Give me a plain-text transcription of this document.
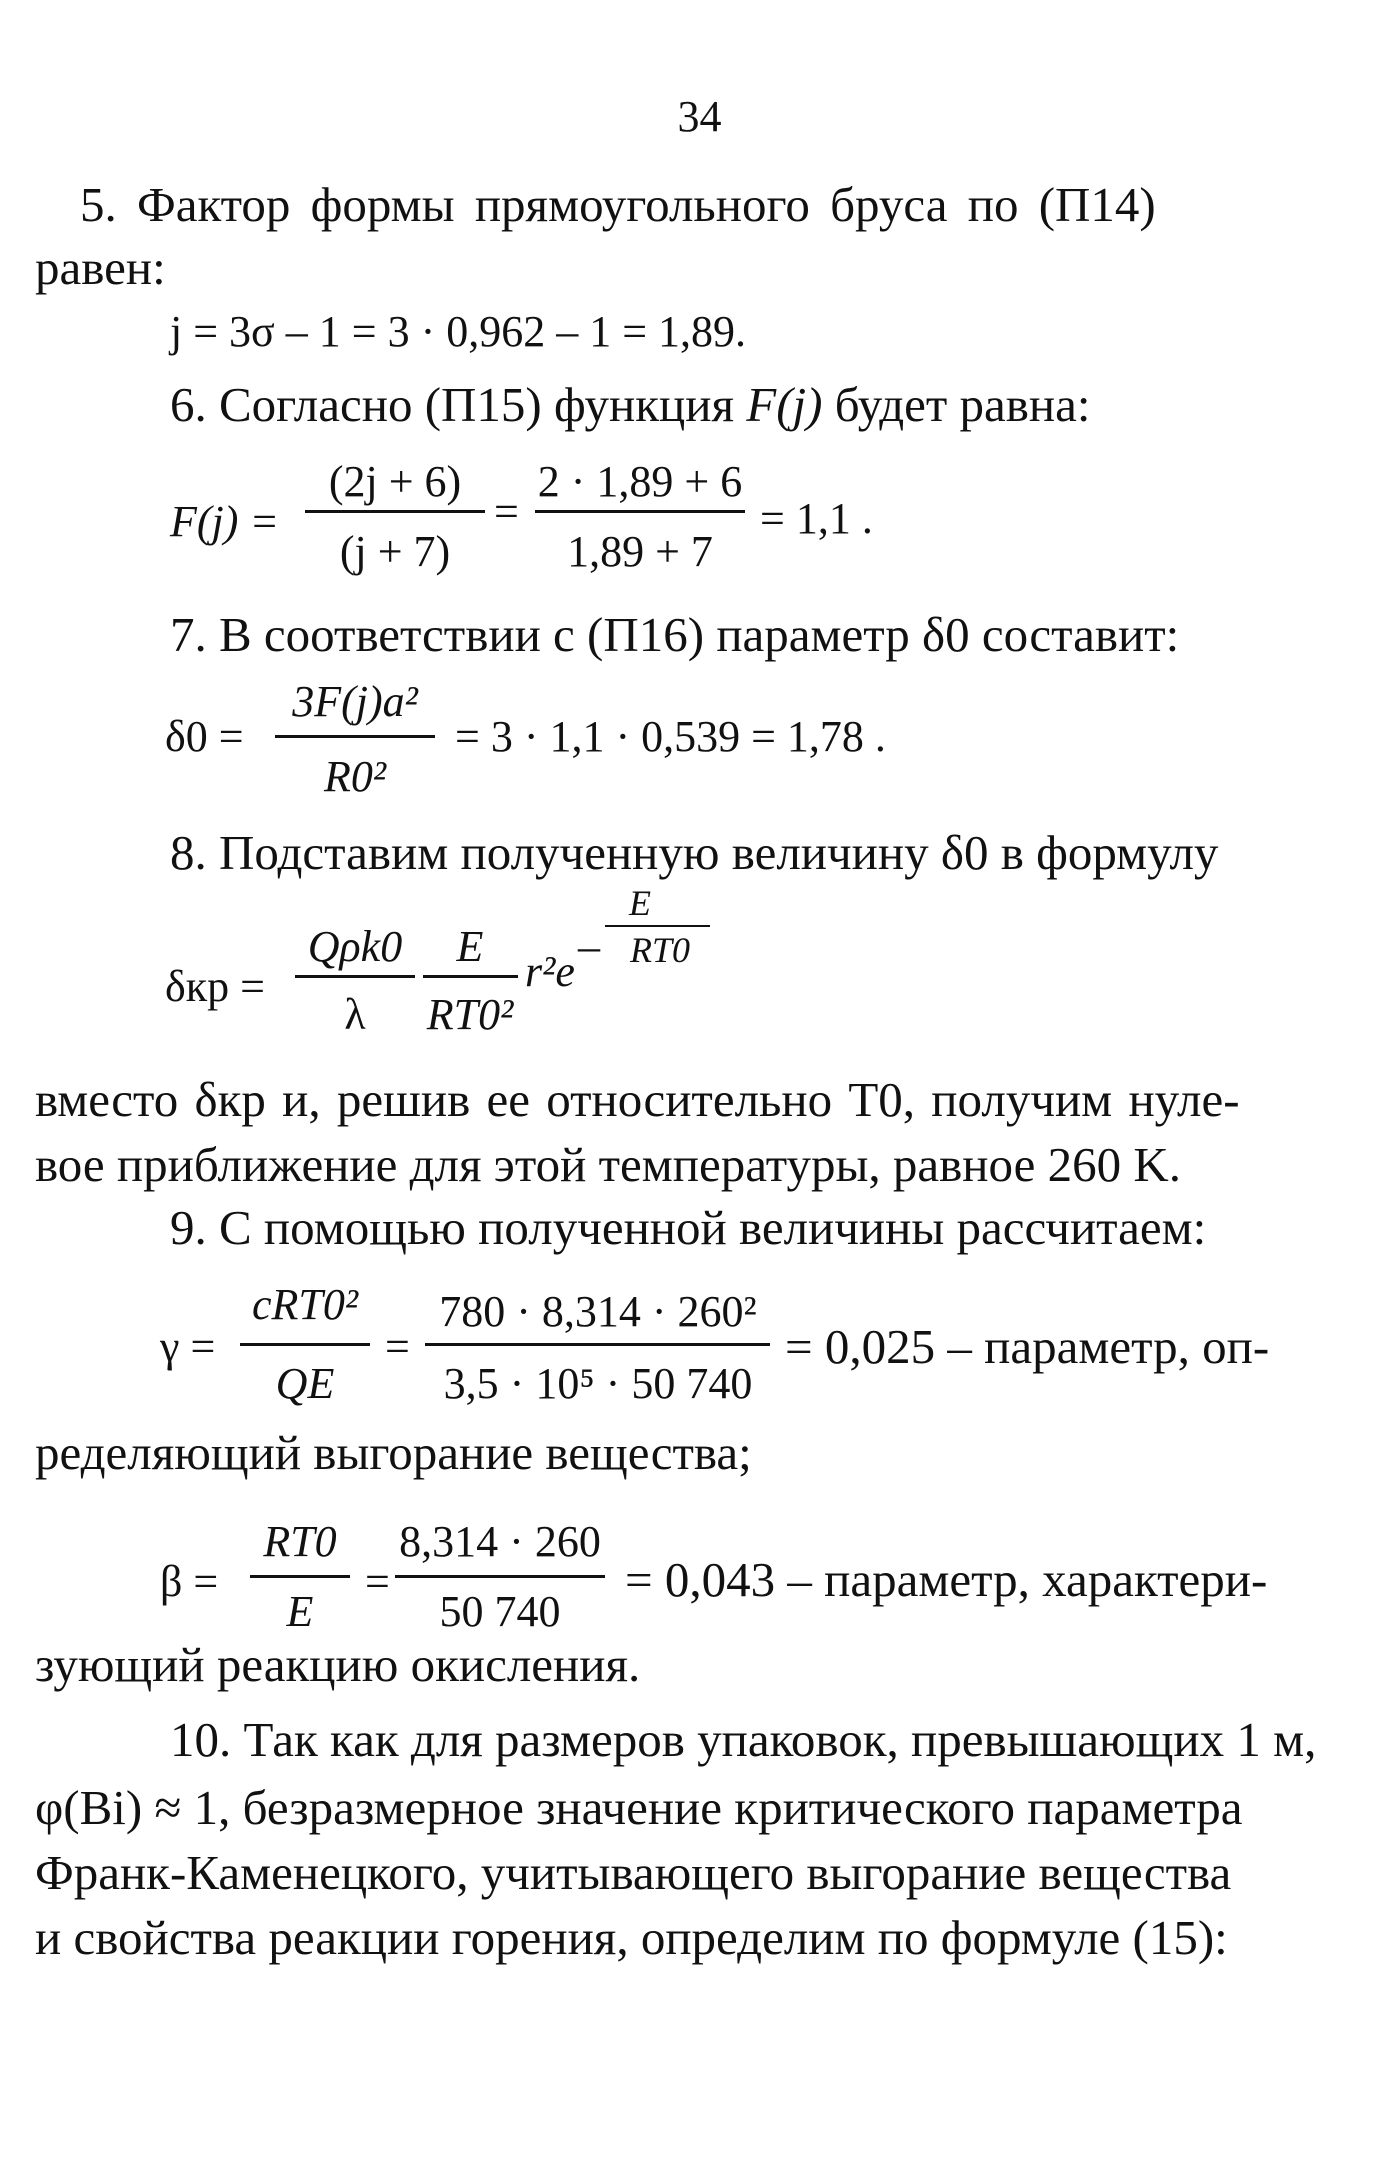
34
5. Фактор формы прямоугольного бруса по (П14)
равен:
j = 3σ – 1 = 3 · 0,962 – 1 = 1,89.
6. Согласно (П15) функция F(j) будет равна:
F(j) =
(2j + 6)
(j + 7)
=
2 · 1,89 + 6
1,89 + 7
= 1,1 .
7. В соответствии с (П16) параметр δ0 составит:
δ0 =
3F(j)a²
R0²
= 3 · 1,1 · 0,539 = 1,78 .
8. Подставим полученную величину δ0 в формулу
E
– RT0
δкр =
Qρk0
λ
E
RT0²
r²e
вместо δкр и, решив ее относительно T0, получим нуле-
вое приближение для этой температуры, равное 260 K.
9. С помощью полученной величины рассчитаем:
γ =
cRT0²
QE
=
780 · 8,314 · 260²
3,5 · 10⁵ · 50 740
= 0,025 – параметр, оп-
ределяющий выгорание вещества;
β =
RT0
E
=
8,314 · 260
50 740
= 0,043 – параметр, характери-
зующий реакцию окисления.
10. Так как для размеров упаковок, превышающих 1 м,
φ(Bi) ≈ 1, безразмерное значение критического параметра
Франк-Каменецкого, учитывающего выгорание вещества
и свойства реакции горения, определим по формуле (15):
